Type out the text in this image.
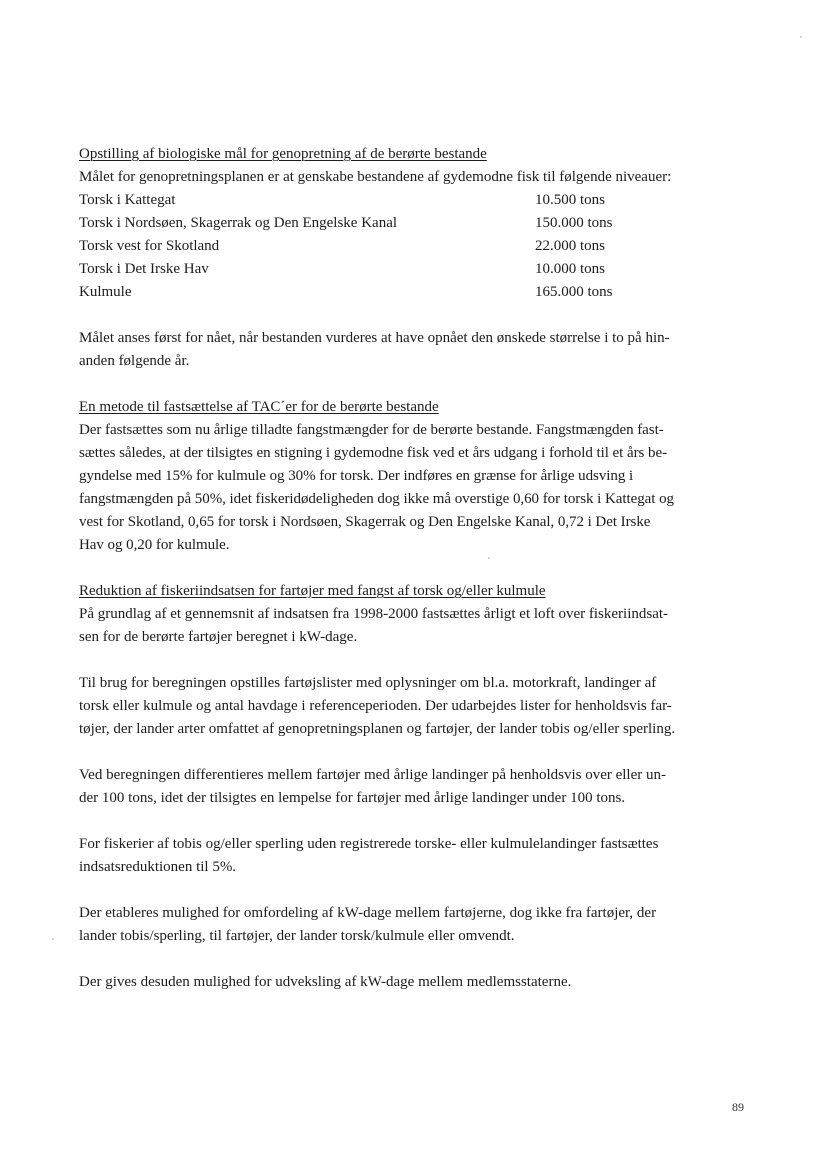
Opstilling af biologiske mål for genopretning af de berørte bestande
Målet for genopretningsplanen er at genskabe bestandene af gydemodne fisk til følgende niveauer:
Torsk i Kattegat	10.500 tons
Torsk i Nordsøen, Skagerrak og Den Engelske Kanal	150.000 tons
Torsk vest for Skotland	22.000 tons
Torsk i Det Irske Hav	10.000 tons
Kulmule	165.000 tons
Målet anses først for nået, når bestanden vurderes at have opnået den ønskede størrelse i to på hin-
anden følgende år.
En metode til fastsættelse af TAC´er for de berørte bestande
Der fastsættes som nu årlige tilladte fangstmængder for de berørte bestande. Fangstmængden fast-
sættes således, at der tilsigtes en stigning i gydemodne fisk ved et års udgang i forhold til et års be-
gyndelse med 15% for kulmule og 30% for torsk. Der indføres en grænse for årlige udsving i
fangstmængden på 50%, idet fiskeridødeligheden dog ikke må overstige 0,60 for torsk i Kattegat og
vest for Skotland, 0,65 for torsk i Nordsøen, Skagerrak og Den Engelske Kanal, 0,72 i Det Irske
Hav og 0,20 for kulmule.
Reduktion af fiskeriindsatsen for fartøjer med fangst af torsk og/eller kulmule
På grundlag af et gennemsnit af indsatsen fra 1998-2000 fastsættes årligt et loft over fiskeriindsat-
sen for de berørte fartøjer beregnet i kW-dage.
Til brug for beregningen opstilles fartøjslister med oplysninger om bl.a. motorkraft, landinger af
torsk eller kulmule og antal havdage i referenceperioden. Der udarbejdes lister for henholdsvis far-
tøjer, der lander arter omfattet af genopretningsplanen og fartøjer, der lander tobis og/eller sperling.
Ved beregningen differentieres mellem fartøjer med årlige landinger på henholdsvis over eller un-
der 100 tons, idet der tilsigtes en lempelse for fartøjer med årlige landinger under 100 tons.
For fiskerier af tobis og/eller sperling uden registrerede torske- eller kulmulelandinger fastsættes
indsatsreduktionen til 5%.
Der etableres mulighed for omfordeling af kW-dage mellem fartøjerne, dog ikke fra fartøjer, der
lander tobis/sperling, til fartøjer, der lander torsk/kulmule eller omvendt.
Der gives desuden mulighed for udveksling af kW-dage mellem medlemsstaterne.
89
